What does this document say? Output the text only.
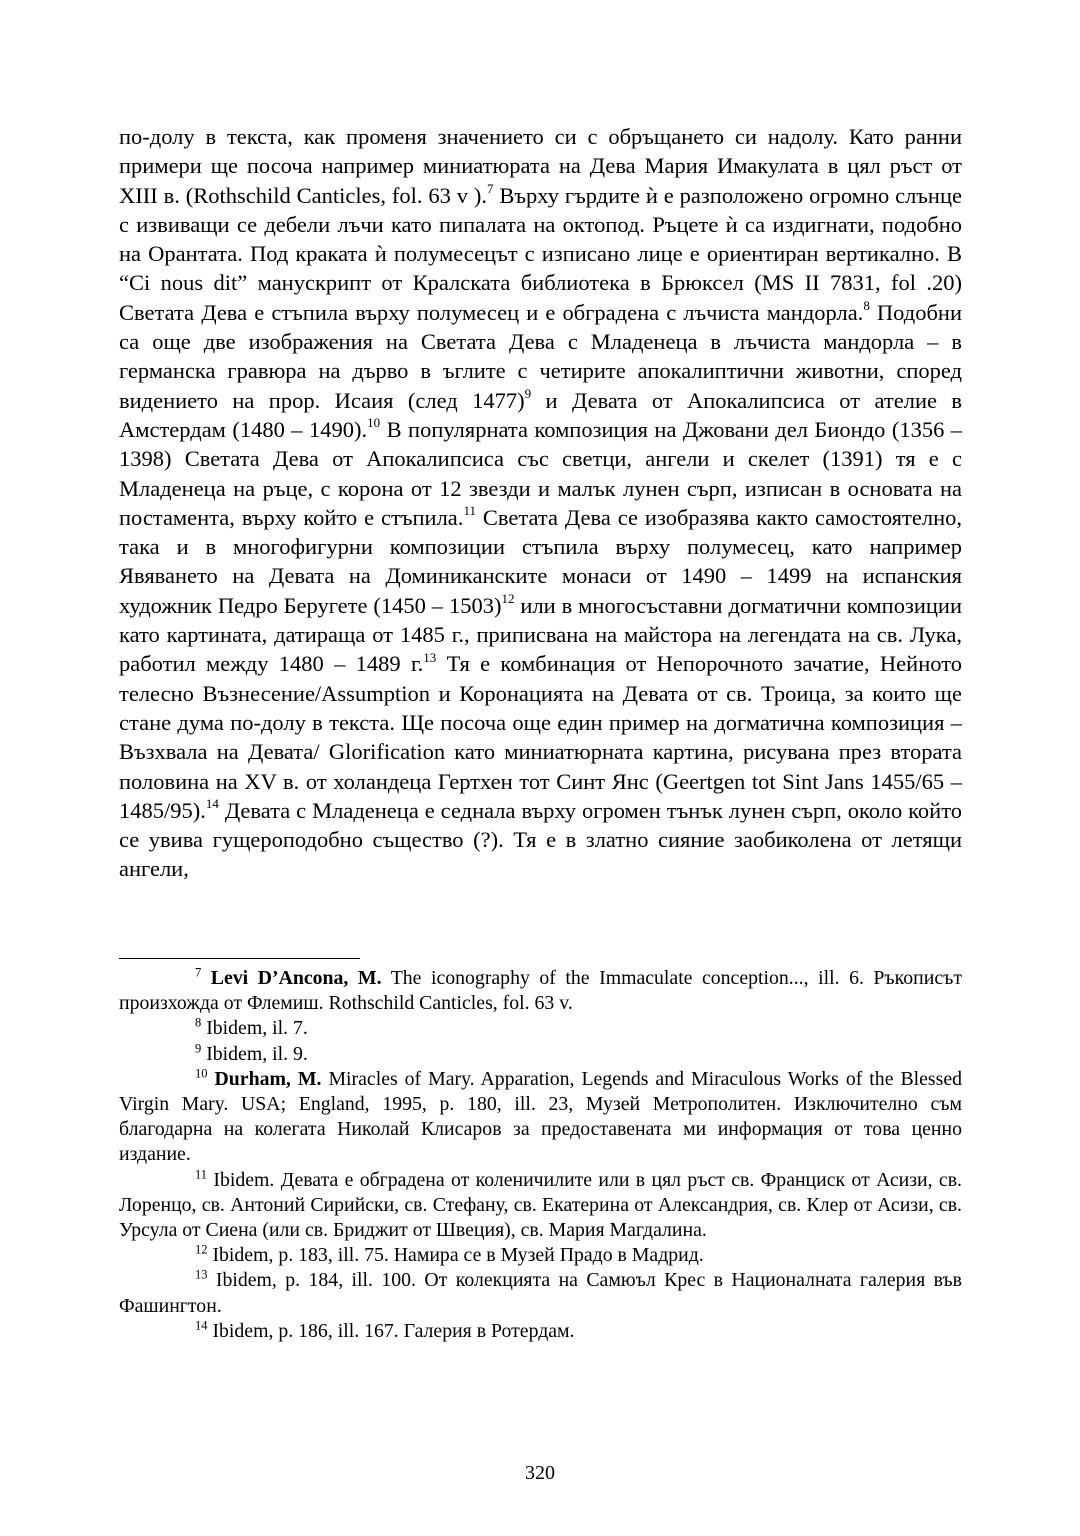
по-долу в текста, как променя значението си с обръщането си надолу. Като ранни примери ще посоча например миниатюрата на Дева Мария Имакулата в цял ръст от XIII в. (Rothschild Canticles, fol. 63 v ).$^7$ Върху гърдите ѝ е разположено огромно слънце с извиващи се дебели лъчи като пипалата на октопод. Ръцете ѝ са издигнати, подобно на Орантата. Под краката ѝ полумесецът с изписано лице е ориентиран вертикално. В “Ci nous dit” манускрипт от Кралската библиотека в Брюксел (MS II 7831, fol .20) Светата Дева е стъпила върху полумесец и е обградена с лъчиста мандорла.$^8$ Подобни са още две изображения на Светата Дева с Младенеца в лъчиста мандорла – в германска гравюра на дърво в ъглите с четирите апокалиптични животни, според видението на прор. Исаия (след 1477)$^9$ и Девата от Апокалипсиса от ателие в Амстердам (1480 – 1490).$^{10}$ В популярната композиция на Джовани дел Биондо (1356 – 1398) Светата Дева от Апокалипсиса със светци, ангели и скелет (1391) тя е с Младенеца на ръце, с корона от 12 звезди и малък лунен сърп, изписан в основата на постамента, върху който е стъпила.$^{11}$ Светата Дева се изобразява както самостоятелно, така и в многофигурни композиции стъпила върху полумесец, като например Явяването на Девата на Доминиканските монаси от 1490 – 1499 на испанския художник Педро Беругете (1450 – 1503)$^{12}$ или в многосъставни догматични композиции като картината, датираща от 1485 г., приписвана на майстора на легендата на св. Лука, работил между 1480 – 1489 г.$^{13}$ Тя е комбинация от Непорочното зачатие, Нейното телесно Възнесение/Assumption и Коронацията на Девата от св. Троица, за които ще стане дума по-долу в текста. Ще посоча още един пример на догматична композиция – Възхвала на Девата/ Glorification като миниатюрната картина, рисувана през втората половина на XV в. от холандеца Гертхен тот Синт Янс (Geertgen tot Sint Jans 1455/65 – 1485/95).$^{14}$ Девата с Младенеца е седнала върху огромен тънък лунен сърп, около който се увива гущероподобно същество (?). Тя е в златно сияние заобиколена от летящи ангели,

$^7$ Levi D’Ancona, M. The iconography of the Immaculate conception..., ill. 6. Ръкописът произхожда от Флемиш. Rothschild Canticles, fol. 63 v.

$^8$ Ibidem, il. 7.

$^9$ Ibidem, il. 9.

$^{10}$ Durham, M. Miracles of Mary. Apparation, Legends and Miraculous Works of the Blessed Virgin Mary. USA; England, 1995, p. 180, ill. 23, Музей Метрополитен. Изключително съм благодарна на колегата Николай Клисаров за предоставената ми информация от това ценно издание.

$^{11}$ Ibidem. Девата е обградена от коленичилите или в цял ръст св. Франциск от Асизи, св. Лоренцо, св. Антоний Сирийски, св. Стефану, св. Екатерина от Александрия, св. Клер от Асизи, св. Урсула от Сиена (или св. Бриджит от Швеция), св. Мария Магдалина.

$^{12}$ Ibidem, p. 183, ill. 75. Намира се в Музей Прадо в Мадрид.

$^{13}$ Ibidem, p. 184, ill. 100. От колекцията на Самюъл Крес в Националната галерия във Фашингтон.

$^{14}$ Ibidem, p. 186, ill. 167. Галерия в Ротердам.

320
